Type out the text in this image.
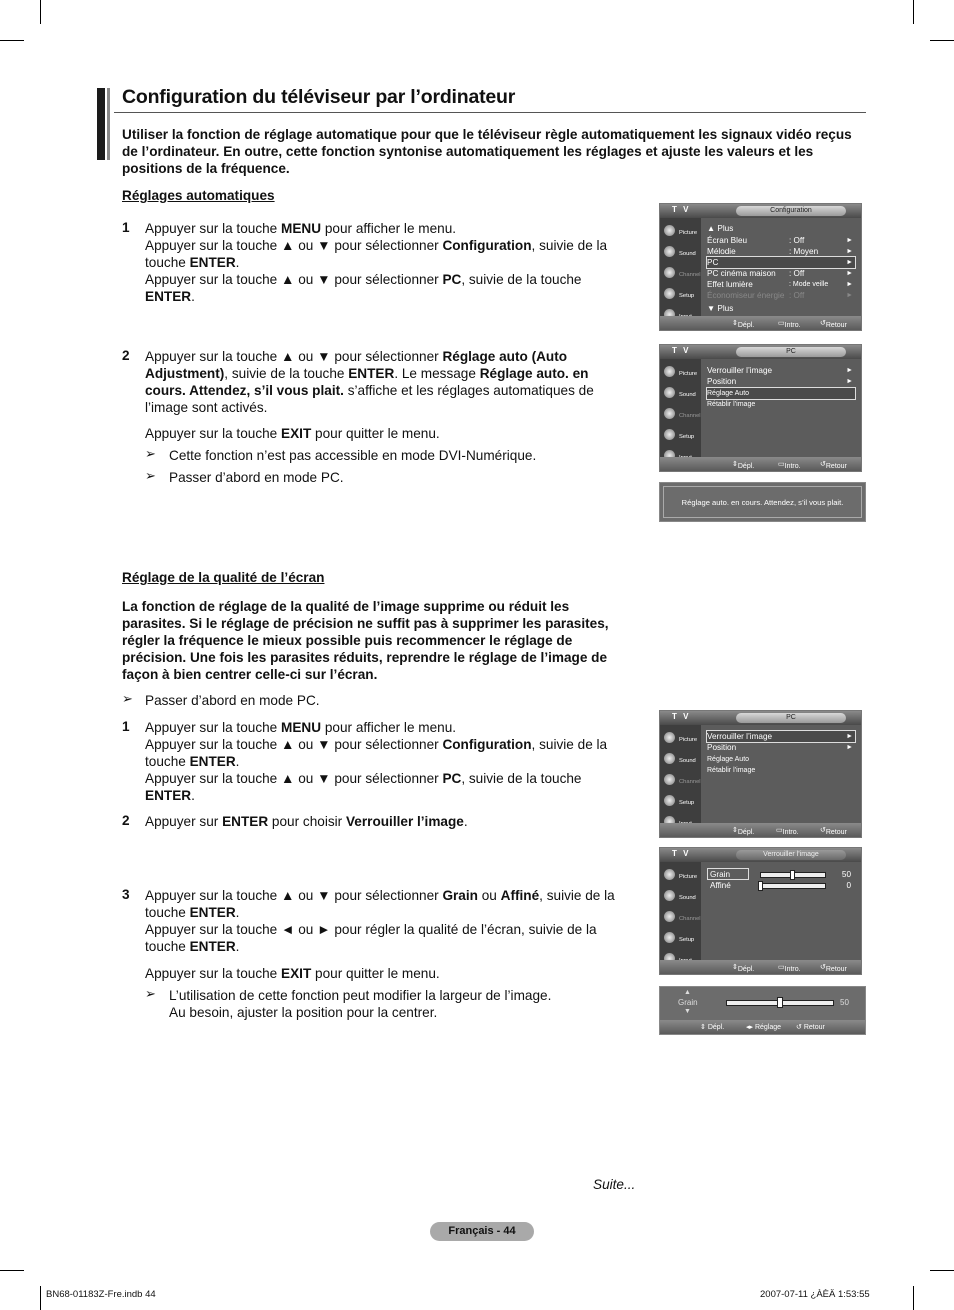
Configuration du téléviseur par l’ordinateur
Utiliser la fonction de réglage automatique pour que le téléviseur règle automatiquement les signaux vidéo reçus de l’ordinateur. En outre, cette fonction syntonise automatiquement les réglages et ajuste les valeurs et les positions de la fréquence.
Réglages automatiques
1 Appuyer sur la touche MENU pour afficher le menu.
Appuyer sur la touche ▲ ou ▼ pour sélectionner Configuration, suivie de la touche ENTER.
Appuyer sur la touche ▲ ou ▼ pour sélectionner PC, suivie de la touche ENTER.
2 Appuyer sur la touche ▲ ou ▼ pour sélectionner Réglage auto (Auto Adjustment), suivie de la touche ENTER. Le message Réglage auto. en cours. Attendez, s’il vous plait. s’affiche et les réglages automatiques de l’image sont activés.
Appuyer sur la touche EXIT pour quitter le menu.
➢ Cette fonction n’est pas accessible en mode DVI-Numérique.
➢ Passer d’abord en mode PC.
Réglage de la qualité de l’écran
La fonction de réglage de la qualité de l’image supprime ou réduit les parasites. Si le réglage de précision ne suffit pas à supprimer les parasites, régler la fréquence le mieux possible puis recommencer le réglage de précision. Une fois les parasites réduits, reprendre le réglage de l’image de façon à bien centrer celle-ci sur l’écran.
➢ Passer d’abord en mode PC.
1 Appuyer sur la touche MENU pour afficher le menu.
Appuyer sur la touche ▲ ou ▼ pour sélectionner Configuration, suivie de la touche ENTER.
Appuyer sur la touche ▲ ou ▼ pour sélectionner PC, suivie de la touche ENTER.
2 Appuyer sur ENTER pour choisir Verrouiller l’image.
3 Appuyer sur la touche ▲ ou ▼ pour sélectionner Grain ou Affiné, suivie de la touche ENTER.
Appuyer sur la touche ◄ ou ► pour régler la qualité de l’écran, suivie de la touche ENTER.
Appuyer sur la touche EXIT pour quitter le menu.
➢ L’utilisation de cette fonction peut modifier la largeur de l’image.
Au besoin, ajuster la position pour la centrer.
Suite...
Français - 44
BN68-01183Z-Fre.indb 44	2007-07-11 ¿ÀÈÄ 1:53:55
T V	Configuration
Picture
Sound
Channel
Setup
▲ Plus
Écran Bleu	: Off	►
Mélodie	: Moyen	►
PC	►
PC cinéma maison : Off	►
Effet lumière	: Mode veille	►
Économiseur énergie : Off	►
▼ Plus
⇕ Dépl.	▭ Intro.	↺ Retour
T V	PC
Picture
Sound
Channel
Setup
Verrouiller l’image	►
Position	►
Réglage Auto
Rétablir l’image
⇕ Dépl.	▭ Intro.	↺ Retour
Réglage auto. en cours. Attendez, s’il vous plait.
T V	PC
Picture
Sound
Channel
Setup
Verrouiller l’image	►
Position	►
Réglage Auto
Rétablir l’image
⇕ Dépl.	▭ Intro.	↺ Retour
T V	Verrouiller l’image
Picture
Sound
Channel
Setup
Grain	50
Affiné	0
⇕ Dépl.	▭ Intro.	↺ Retour
▲
Grain
▼
50
⇕ Dépl.	◂▸ Réglage ↺ Retour
